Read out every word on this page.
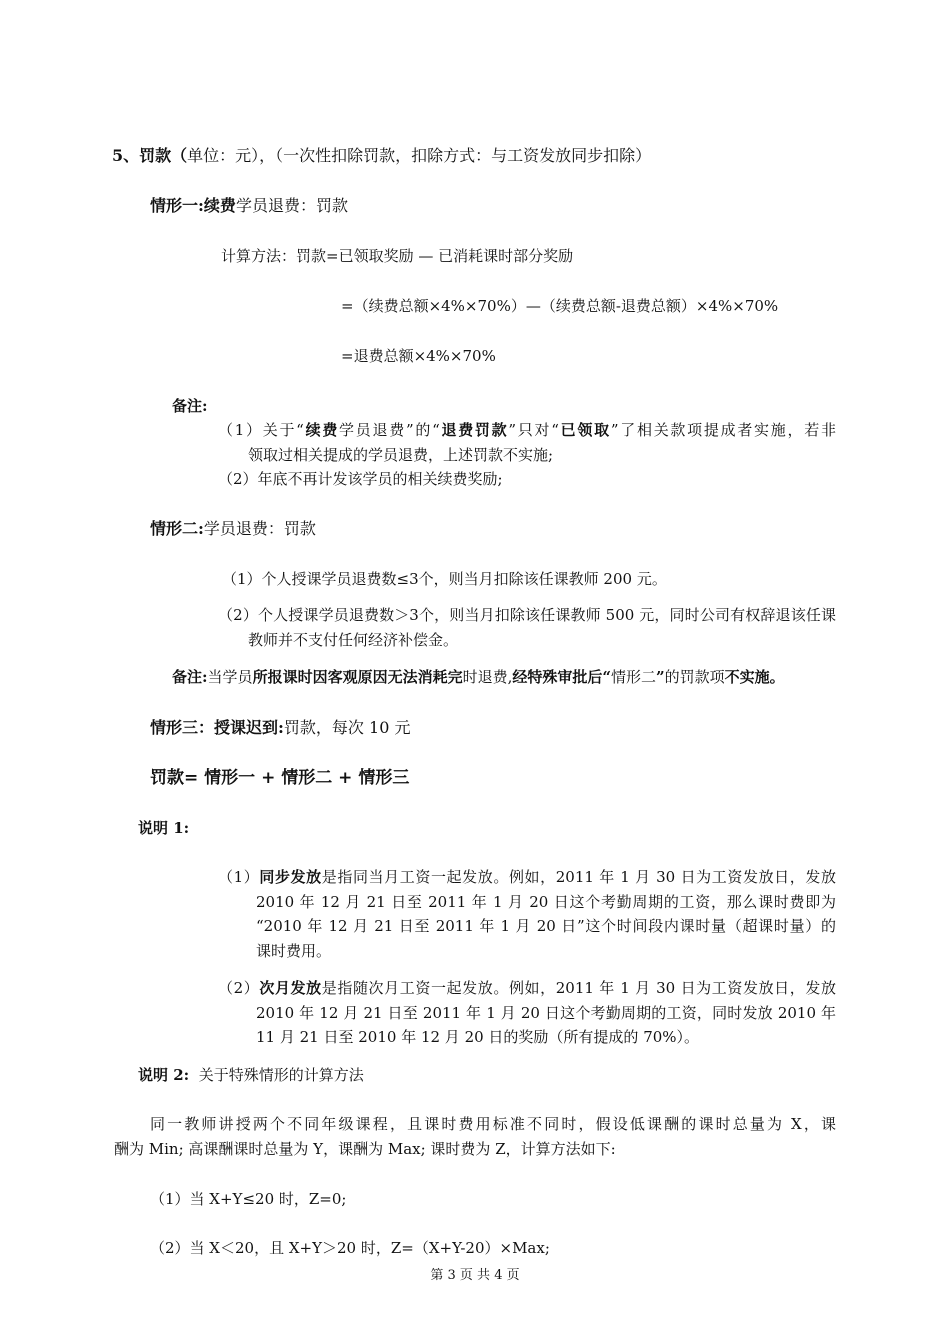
5、罚款（单位：元），（一次性扣除罚款，扣除方式：与工资发放同步扣除）
情形一:续费学员退费：罚款
计算方法：罚款=已领取奖励 — 已消耗课时部分奖励
=（续费总额×4%×70%）—（续费总额-退费总额）×4%×70%
=退费总额×4%×70%
备注:
（1）关于“续费学员退费”的“退费罚款”只对“已领取”了相关款项提成者实施，若非
领取过相关提成的学员退费，上述罚款不实施;
（2）年底不再计发该学员的相关续费奖励;
情形二:学员退费：罚款
（1）个人授课学员退费数≤3个，则当月扣除该任课教师 200 元。
（2）个人授课学员退费数＞3个，则当月扣除该任课教师 500 元，同时公司有权辞退该任课
教师并不支付任何经济补偿金。
备注:当学员所报课时因客观原因无法消耗完时退费,经特殊审批后“情形二”的罚款项不实施。
情形三：授课迟到:罚款，每次 10 元
罚款= 情形一 + 情形二 + 情形三
说明 1:
（1）同步发放是指同当月工资一起发放。例如，2011 年 1 月 30 日为工资发放日，发放
2010 年 12 月 21 日至 2011 年 1 月 20 日这个考勤周期的工资，那么课时费即为
“2010 年 12 月 21 日至 2011 年 1 月 20 日”这个时间段内课时量（超课时量）的
课时费用。
（2）次月发放是指随次月工资一起发放。例如，2011 年 1 月 30 日为工资发放日，发放
2010 年 12 月 21 日至 2011 年 1 月 20 日这个考勤周期的工资，同时发放 2010 年
11 月 21 日至 2010 年 12 月 20 日的奖励（所有提成的 70%）。
说明 2: 关于特殊情形的计算方法
同一教师讲授两个不同年级课程，且课时费用标准不同时，假设低课酬的课时总量为 X，课
酬为 Min; 高课酬课时总量为 Y，课酬为 Max; 课时费为 Z，计算方法如下:
（1）当 X+Y≤20 时，Z=0;
（2）当 X＜20，且 X+Y＞20 时，Z=（X+Y-20）×Max;
第 3 页 共 4 页
